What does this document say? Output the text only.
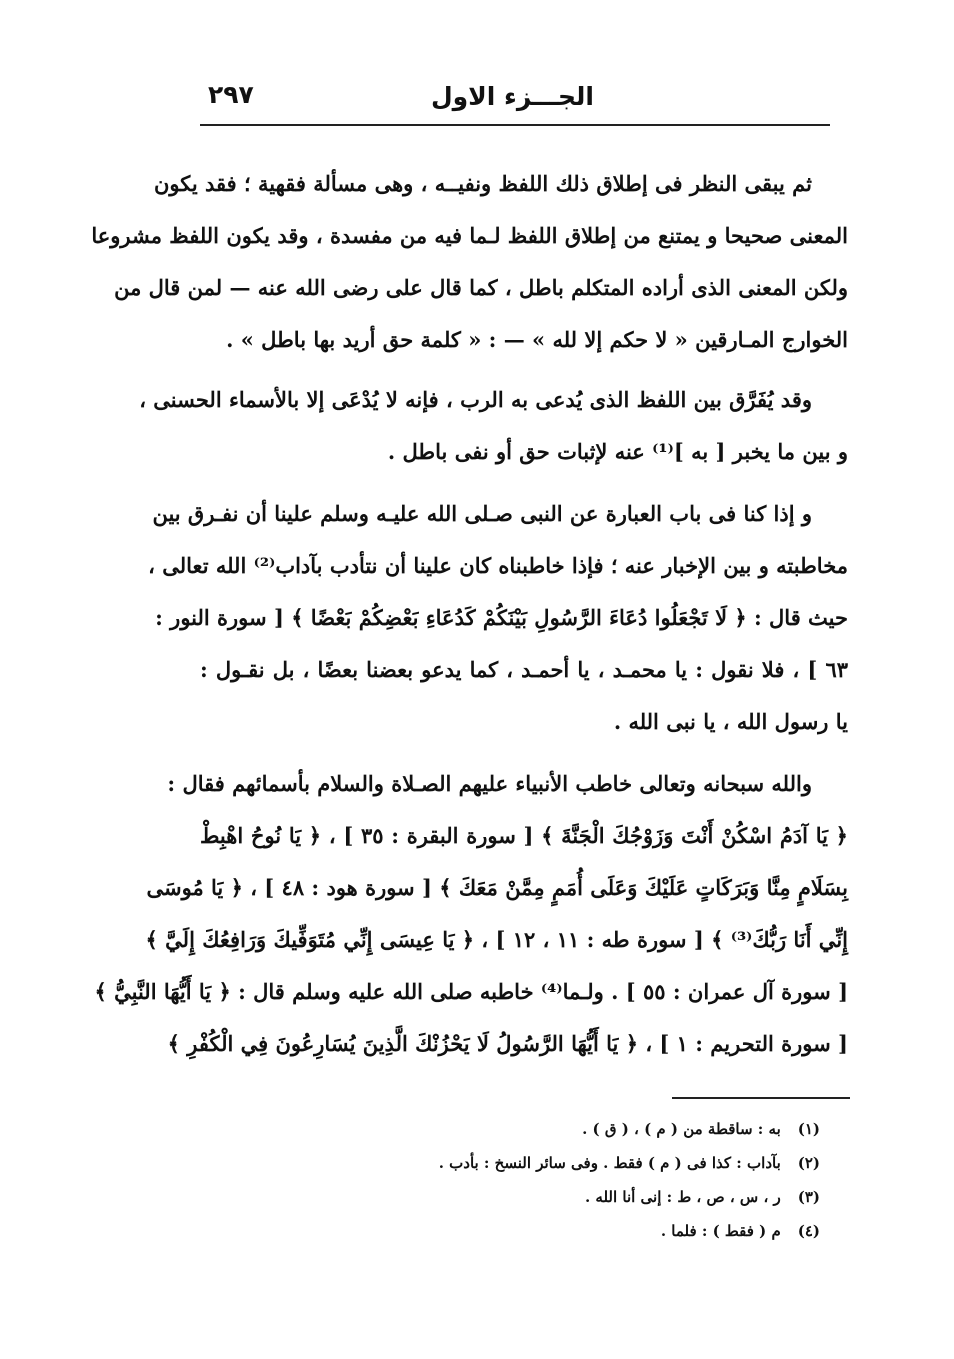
الجـــزء الاول
٢٩٧
ثم يبقى النظر فى إطلاق ذلك اللفظ ونفيــه ، وهى مسألة فقهية ؛ فقد يكون
المعنى صحيحا و يمتنع من إطلاق اللفظ لـما فيه من مفسدة ، وقد يكون اللفظ مشروعا
ولكن المعنى الذى أراده المتكلم باطل ، كما قال على رضى الله عنه — لمن قال من
الخوارج المـارقين « لا حكم إلا لله » — : « كلمة حق أريد بها باطل » .
وقد يُفَرَّق بين اللفظ الذى يُدعى به الرب ، فإنه لا يُدْعَى إلا بالأسماء الحسنى ،
و بين ما يخبر [ به ]⁽¹⁾ عنه لإثبات حق أو نفى باطل .
و إذا كنا فى باب العبارة عن النبى صـلى الله عليـه وسلم علينا أن نفـرق بين
مخاطبته و بين الإخبار عنه ؛ فإذا خاطبناه كان علينا أن نتأدب بآداب⁽²⁾ الله تعالى ،
حيث قال : ﴿ لَا تَجْعَلُوا دُعَاءَ الرَّسُولِ بَيْنَكُمْ كَدُعَاءِ بَعْضِكُمْ بَعْضًا ﴾ [ سورة النور :
٦٣ ] ، فلا نقول : يا محمـد ، يا أحمـد ، كما يدعو بعضنا بعضًا ، بل نقـول :
يا رسول الله ، يا نبى الله .
والله سبحانه وتعالى خاطب الأنبياء عليهم الصـلاة والسلام بأسمائهم فقال :
﴿ يَا آدَمُ اسْكُنْ أَنْتَ وَزَوْجُكَ الْجَنَّةَ ﴾ [ سورة البقرة : ٣٥ ] ، ﴿ يَا نُوحُ اهْبِطْ
بِسَلَامٍ مِنَّا وَبَرَكَاتٍ عَلَيْكَ وَعَلَى أُمَمٍ مِمَّنْ مَعَكَ ﴾ [ سورة هود : ٤٨ ] ، ﴿ يَا مُوسَى
إِنِّي أَنَا رَبُّكَ⁽³⁾ ﴾ [ سورة طه : ١١ ، ١٢ ] ، ﴿ يَا عِيسَى إِنِّي مُتَوَفِّيكَ وَرَافِعُكَ إِلَيَّ ﴾
[ سورة آل عمران : ٥٥ ] . ولـما⁽⁴⁾ خاطبه صلى الله عليه وسلم قال : ﴿ يَا أَيُّهَا النَّبِيُّ ﴾
[ سورة التحريم : ١ ] ، ﴿ يَا أَيُّهَا الرَّسُولُ لَا يَحْزُنْكَ الَّذِينَ يُسَارِعُونَ فِي الْكُفْرِ ﴾
(١) به : ساقطة من ( م ) ، ( ق ) .
(٢) بآداب : كذا فى ( م ) فقط . وفى سائر النسخ : بأدب .
(٣) ر ، س ، ص ، ط : إنى أنا الله .
(٤) م ( فقط ) : فلما .
